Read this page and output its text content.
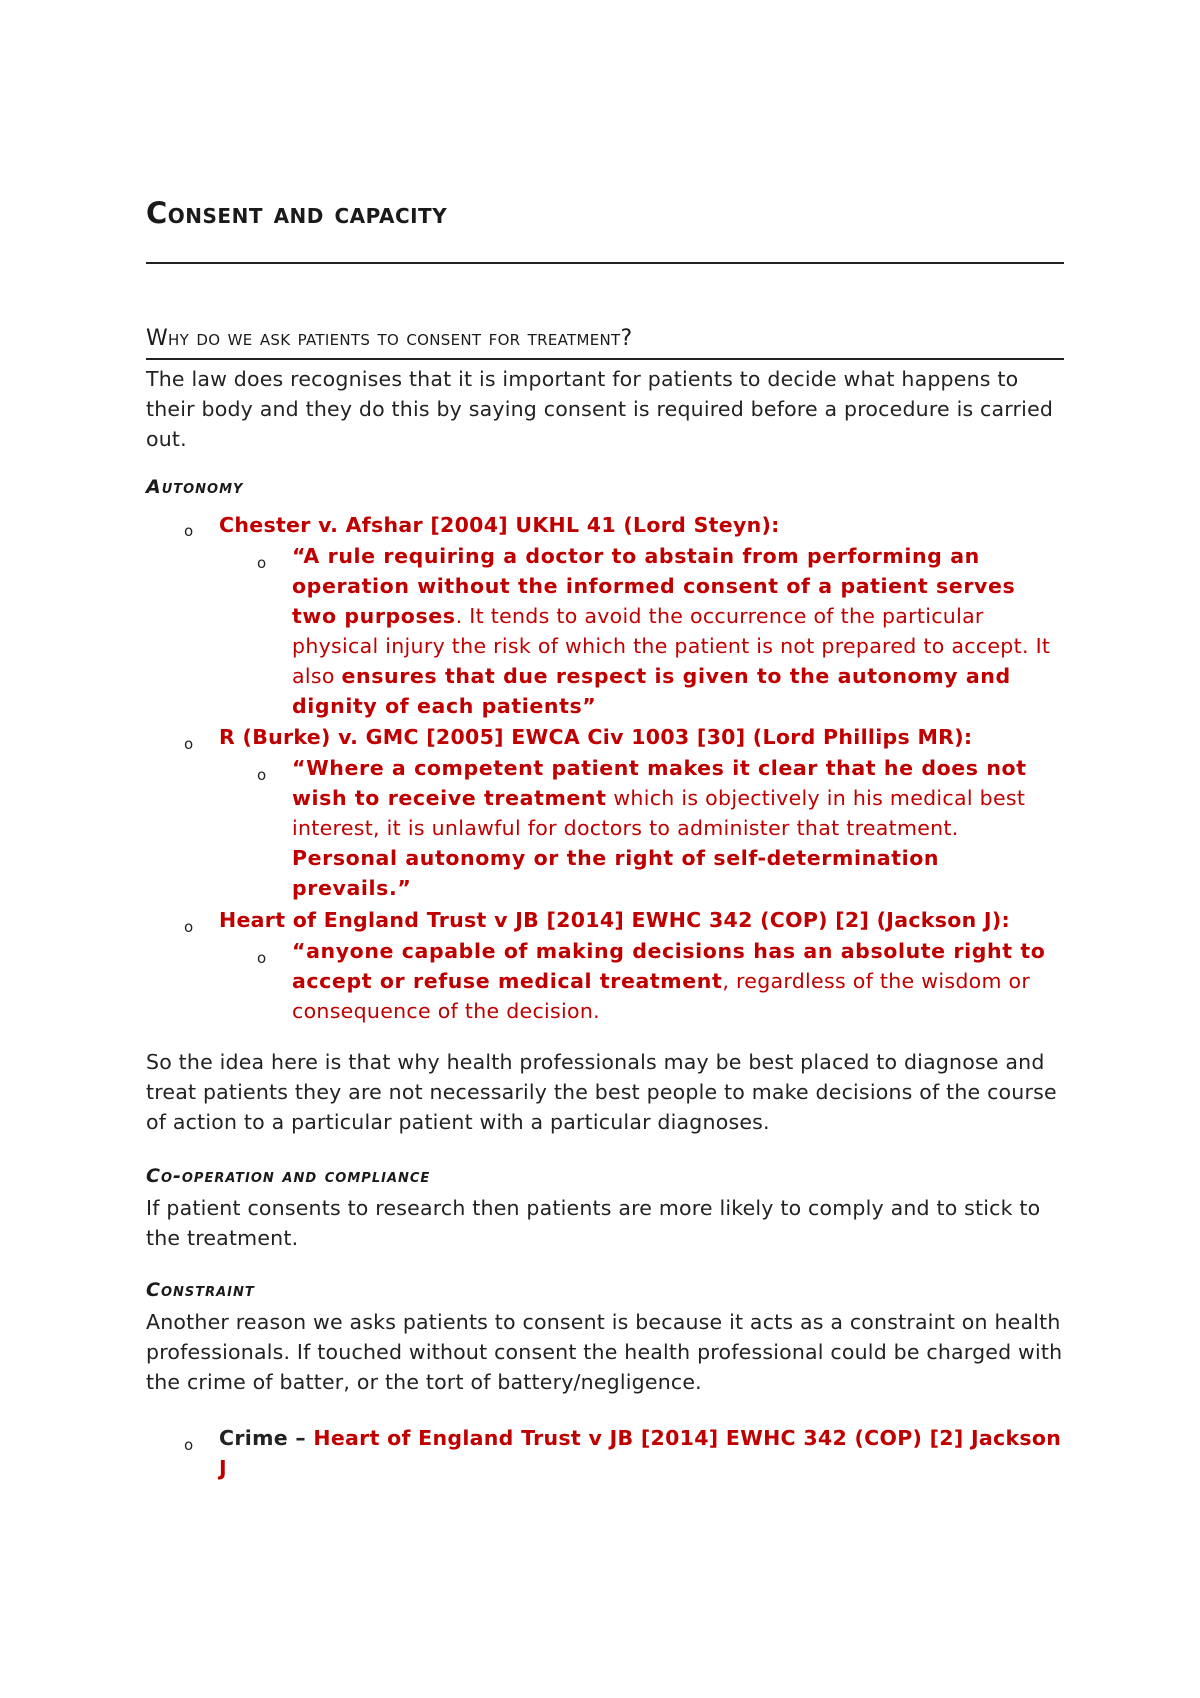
Consent and capacity
Why do we ask patients to consent for treatment?

The law does recognises that it is important for patients to decide what happens to their body and they do this by saying consent is required before a procedure is carried out.

Autonomy
o Chester v. Afshar [2004] UKHL 41 (Lord Steyn):

o “A rule requiring a doctor to abstain from performing an operation without the informed consent of a patient serves two purposes. It tends to avoid the occurrence of the particular physical injury the risk of which the patient is not prepared to accept. It also ensures that due respect is given to the autonomy and dignity of each patients”

o R (Burke) v. GMC [2005] EWCA Civ 1003 [30] (Lord Phillips MR):

o “Where a competent patient makes it clear that he does not wish to receive treatment which is objectively in his medical best interest, it is unlawful for doctors to administer that treatment. Personal autonomy or the right of self-determination prevails.”

o Heart of England Trust v JB [2014] EWHC 342 (COP) [2] (Jackson J):

o “anyone capable of making decisions has an absolute right to accept or refuse medical treatment, regardless of the wisdom or consequence of the decision.

So the idea here is that why health professionals may be best placed to diagnose and treat patients they are not necessarily the best people to make decisions of the course of action to a particular patient with a particular diagnoses.

Co-operation and compliance

If patient consents to research then patients are more likely to comply and to stick to the treatment.

Constraint

Another reason we asks patients to consent is because it acts as a constraint on health professionals. If touched without consent the health professional could be charged with the crime of batter, or the tort of battery/negligence.

o Crime – Heart of England Trust v JB [2014] EWHC 342 (COP) [2] Jackson J
